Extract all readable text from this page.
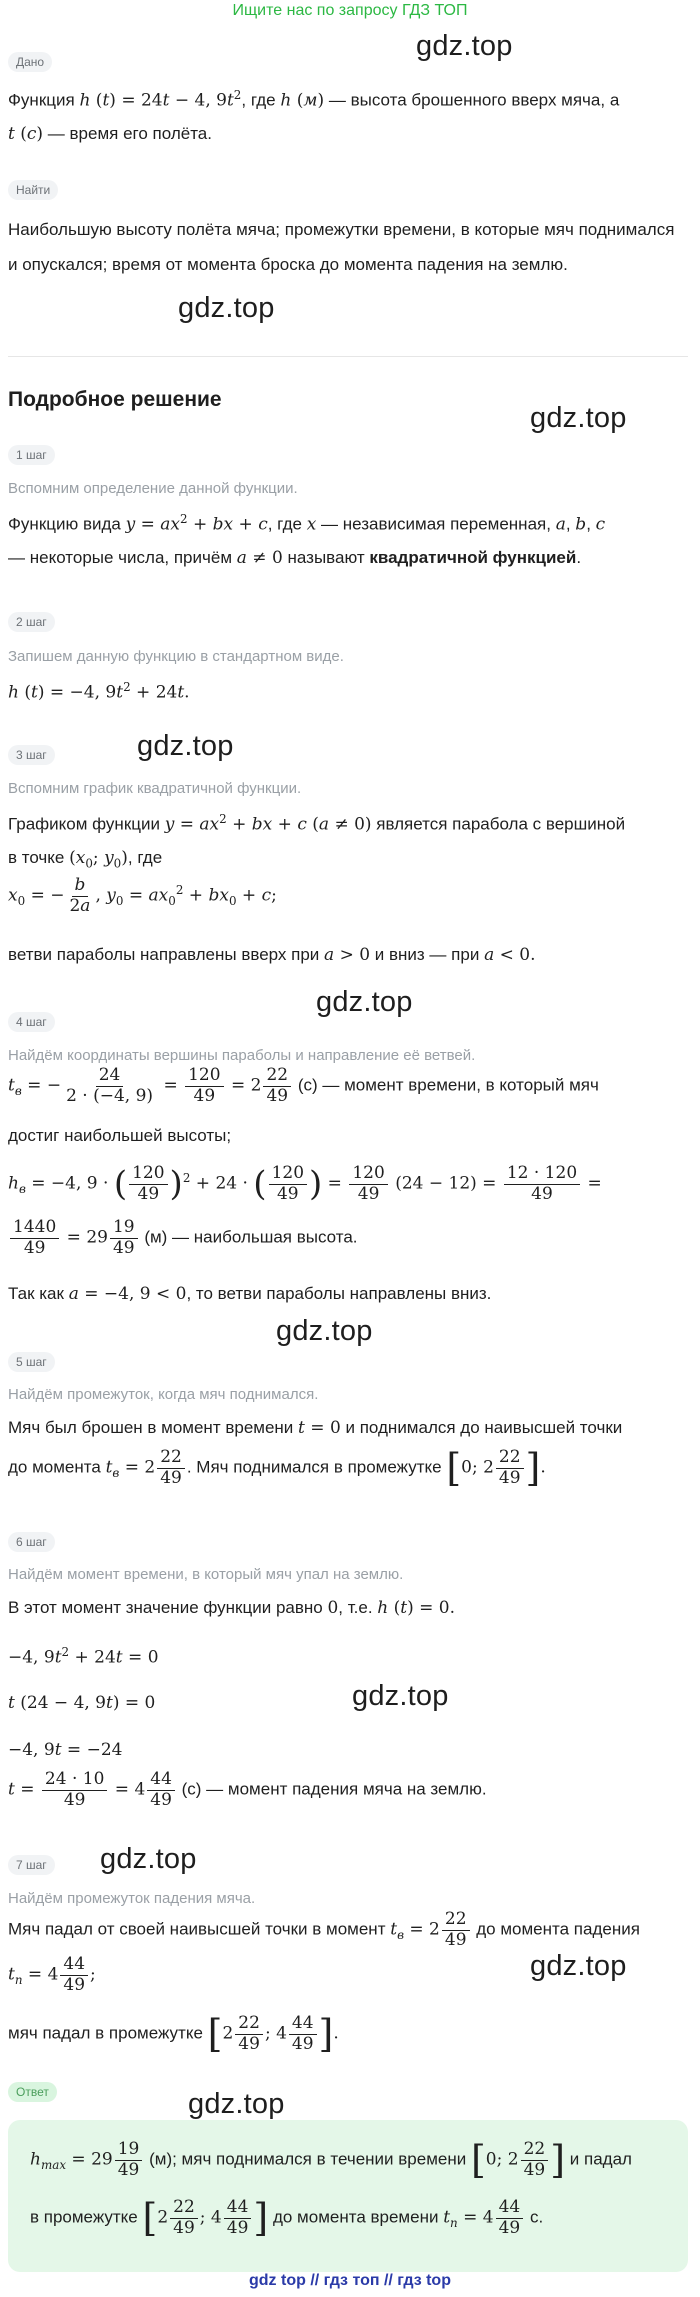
Ищите нас по запросу ГДЗ ТОП
gdz.top
gdz.top
gdz.top
gdz.top
gdz.top
gdz.top
gdz.top
gdz.top
gdz.top
gdz.top
Дано
Функция h (t) = 24t − 4, $9t^2$, где h (м) — высота брошенного вверх мяча, а
t (c) — время его полёта.
Найти
Наибольшую высоту полёта мяча; промежутки времени, в которые мяч поднимался и опускался; время от момента броска до момента падения на землю.
Подробное решение
1 шаг
Вспомним определение данной функции.
Функцию вида $y = ax^2$ + bx + c, где x — независимая переменная, a, b, c
— некоторые числа, причём a ≠ 0 называют квадратичной функцией.
2 шаг
Запишем данную функцию в стандартном виде.
h (t) = −4, $9t^2 + 24t$.
3 шаг
Вспомним график квадратичной функции.
Графиком функции $y = ax^2$ + bx + c (a ≠ 0) является парабола с вершиной
в точке ($x_0$; $y_0$), где
$x_0$ = − $\frac{b}{2a}$ , $y_0 = ax_0^2 + bx_0 + c$;
ветви параболы направлены вверх при a > 0 и вниз — при a < 0.
4 шаг
Найдём координаты вершины параболы и направление её ветвей.
$t_в$ = − $\frac{24}{2 \cdot (-4, 9)} = \frac{120}{49} = 2 \frac{22}{49} (с)$ — момент времени, в который мяч
достиг наибольшей высоты;
$h_в = -4$, 9 · ( $\frac{120}{49} )^2 + 24$ · ( $\frac{120}{49}$ ) = $\frac{120}{49} (24 - 12) = \frac{12 \cdot 120}{49}$ =
$\frac{1440}{49} = 29 \frac{19}{49} (м)$ — наибольшая высота.
Так как a = −4, 9 < 0, то ветви параболы направлены вниз.
5 шаг
Найдём промежуток, когда мяч поднимался.
Мяч был брошен в момент времени t = 0 и поднимался до наивысшей точки
до момента $t_в = 2 \frac{22}{49}$ . Мяч поднимался в промежутке [0; $2 \frac{22}{49}$ ].
6 шаг
Найдём момент времени, в который мяч упал на землю.
В этот момент значение функции равно 0, т.е. h (t) = 0.
−4, $9t^2 + 24t = 0$
t (24 − 4, 9t) = 0
−4, 9t = −24
$t = \frac{24 \cdot 10}{49} = 4 \frac{44}{49} (с)$ — момент падения мяча на землю.
7 шаг
Найдём промежуток падения мяча.
Мяч падал от своей наивысшей точки в момент $t_в = 2 \frac{22}{49}$ до момента падения
$t_п = 4 \frac{44}{49}$ ;
мяч падал в промежутке [$2 \frac{22}{49}$ ; $4 \frac{44}{49}$ ].
Ответ
$h_{max} = 29 \frac{19}{49} (м)$; мяч поднимался в течении времени [0; $2 \frac{22}{49}$ ] и падал
в промежутке [$2 \frac{22}{49}$ ; $4 \frac{44}{49}$ ] до момента времени $t_п = 4 \frac{44}{49} с$.
gdz top // гдз топ // гдз top
